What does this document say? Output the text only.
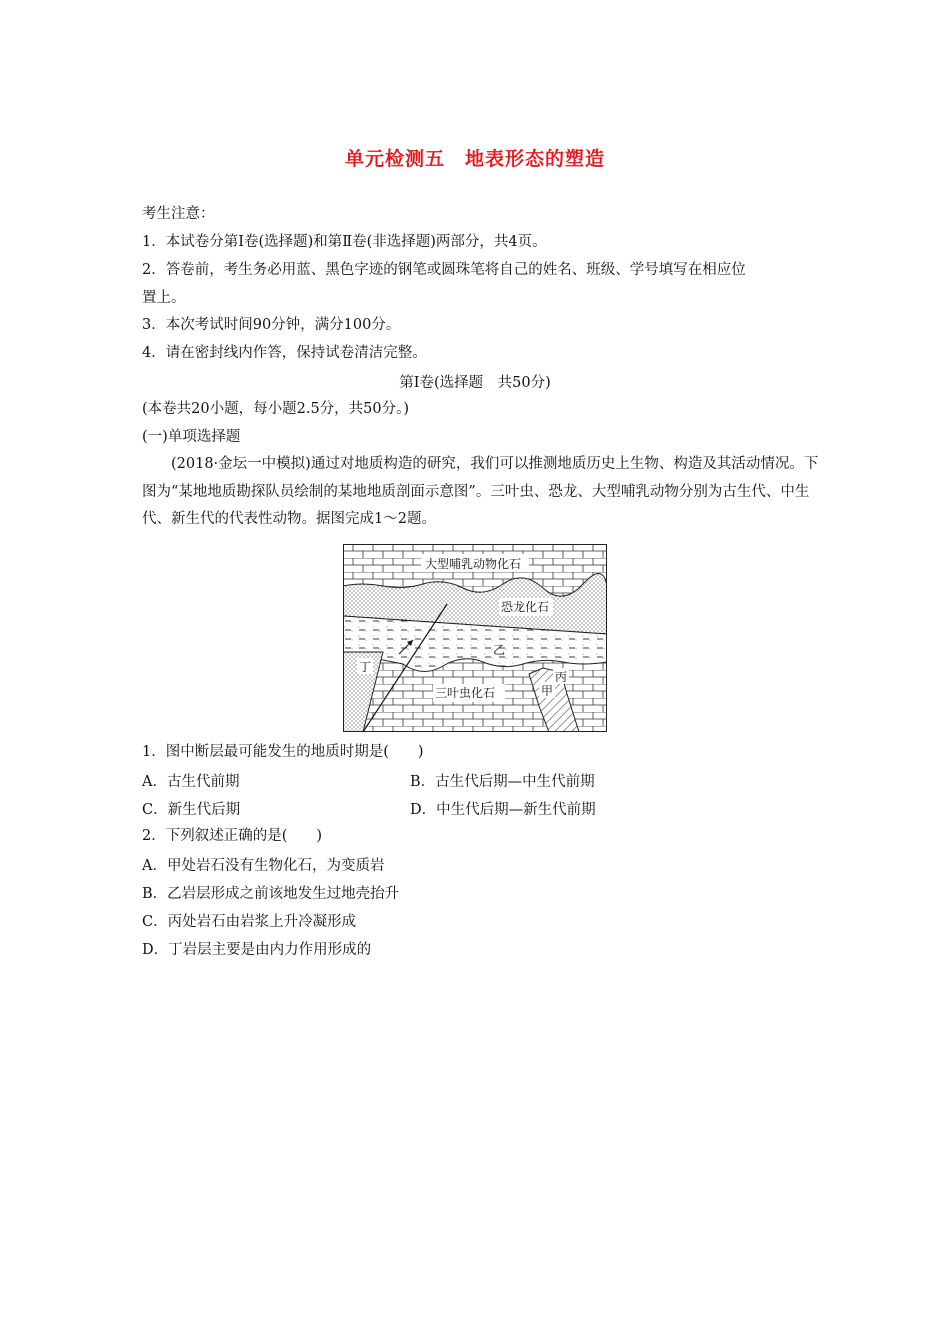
单元检测五　地表形态的塑造
考生注意：
1．本试卷分第Ⅰ卷(选择题)和第Ⅱ卷(非选择题)两部分，共4页。
2．答卷前，考生务必用蓝、黑色字迹的钢笔或圆珠笔将自己的姓名、班级、学号填写在相应位
置上。
3．本次考试时间90分钟，满分100分。
4．请在密封线内作答，保持试卷清洁完整。
第Ⅰ卷(选择题　共50分)
(本卷共20小题，每小题2.5分，共50分。)
(一)单项选择题
(2018·金坛一中模拟)通过对地质构造的研究，我们可以推测地质历史上生物、构造及其活动情况。下图为“某地地质勘探队员绘制的某地地质剖面示意图”。三叶虫、恐龙、大型哺乳动物分别为古生代、中生代、新生代的代表性动物。据图完成1～2题。
大型哺乳动物化石
恐龙化石
乙
丁
丙
甲
三叶虫化石
1．图中断层最可能发生的地质时期是(　　)
A．古生代前期	B．古生代后期—中生代前期
C．新生代后期	D．中生代后期—新生代前期
2．下列叙述正确的是(　　)
A．甲处岩石没有生物化石，为变质岩
B．乙岩层形成之前该地发生过地壳抬升
C．丙处岩石由岩浆上升冷凝形成
D．丁岩层主要是由内力作用形成的
